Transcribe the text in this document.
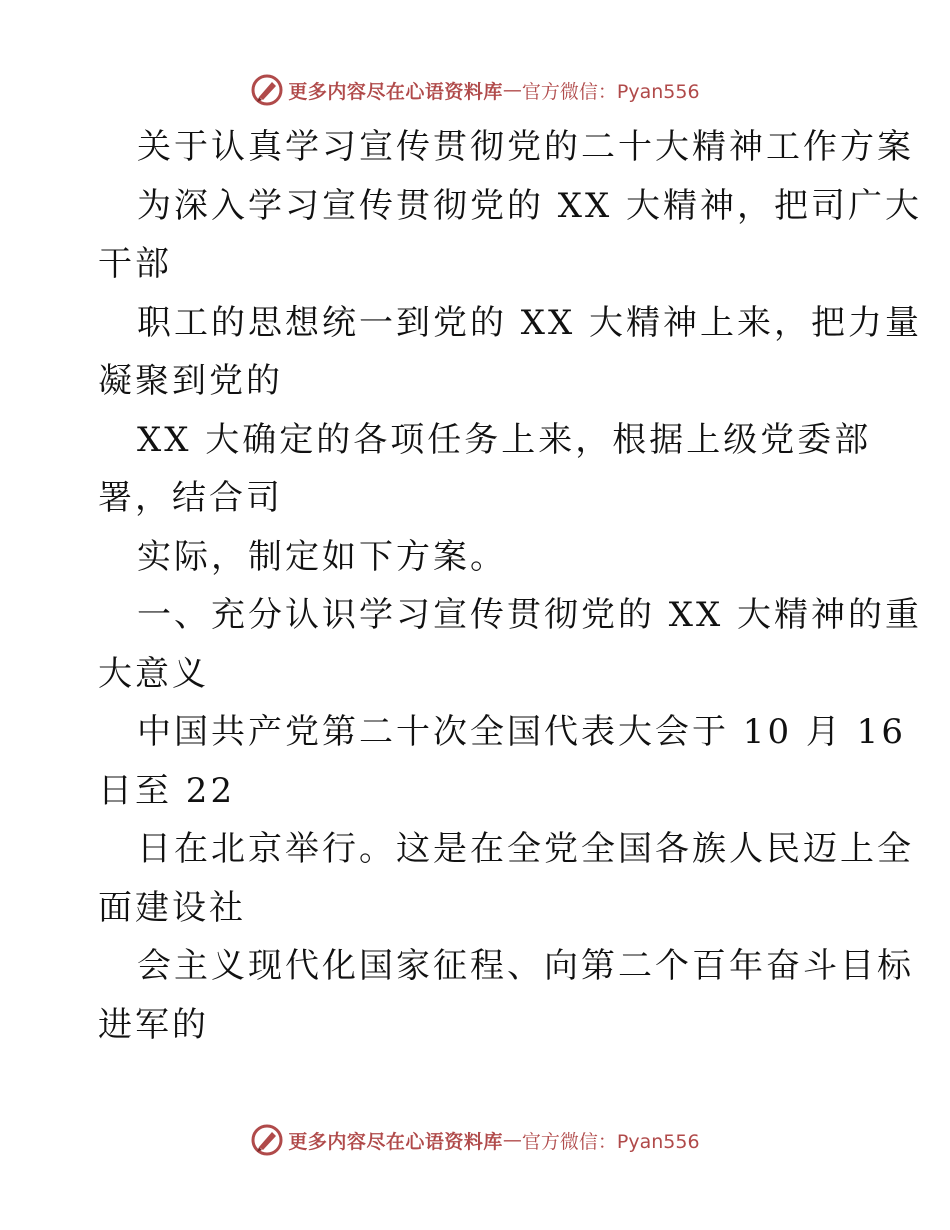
更多内容尽在心语资料库 — 官方微信：Pyan556

关于认真学习宣传贯彻党的二十大精神工作方案

为深入学习宣传贯彻党的 XX 大精神，把司广大

干部

职工的思想统一到党的 XX 大精神上来，把力量

凝聚到党的

XX 大确定的各项任务上来，根据上级党委部

署，结合司

实际，制定如下方案。

一、充分认识学习宣传贯彻党的 XX 大精神的重

大意义

中国共产党第二十次全国代表大会于 10 月 16

日至 22

日在北京举行。这是在全党全国各族人民迈上全

面建设社

会主义现代化国家征程、向第二个百年奋斗目标

进军的

更多内容尽在心语资料库 — 官方微信：Pyan556
